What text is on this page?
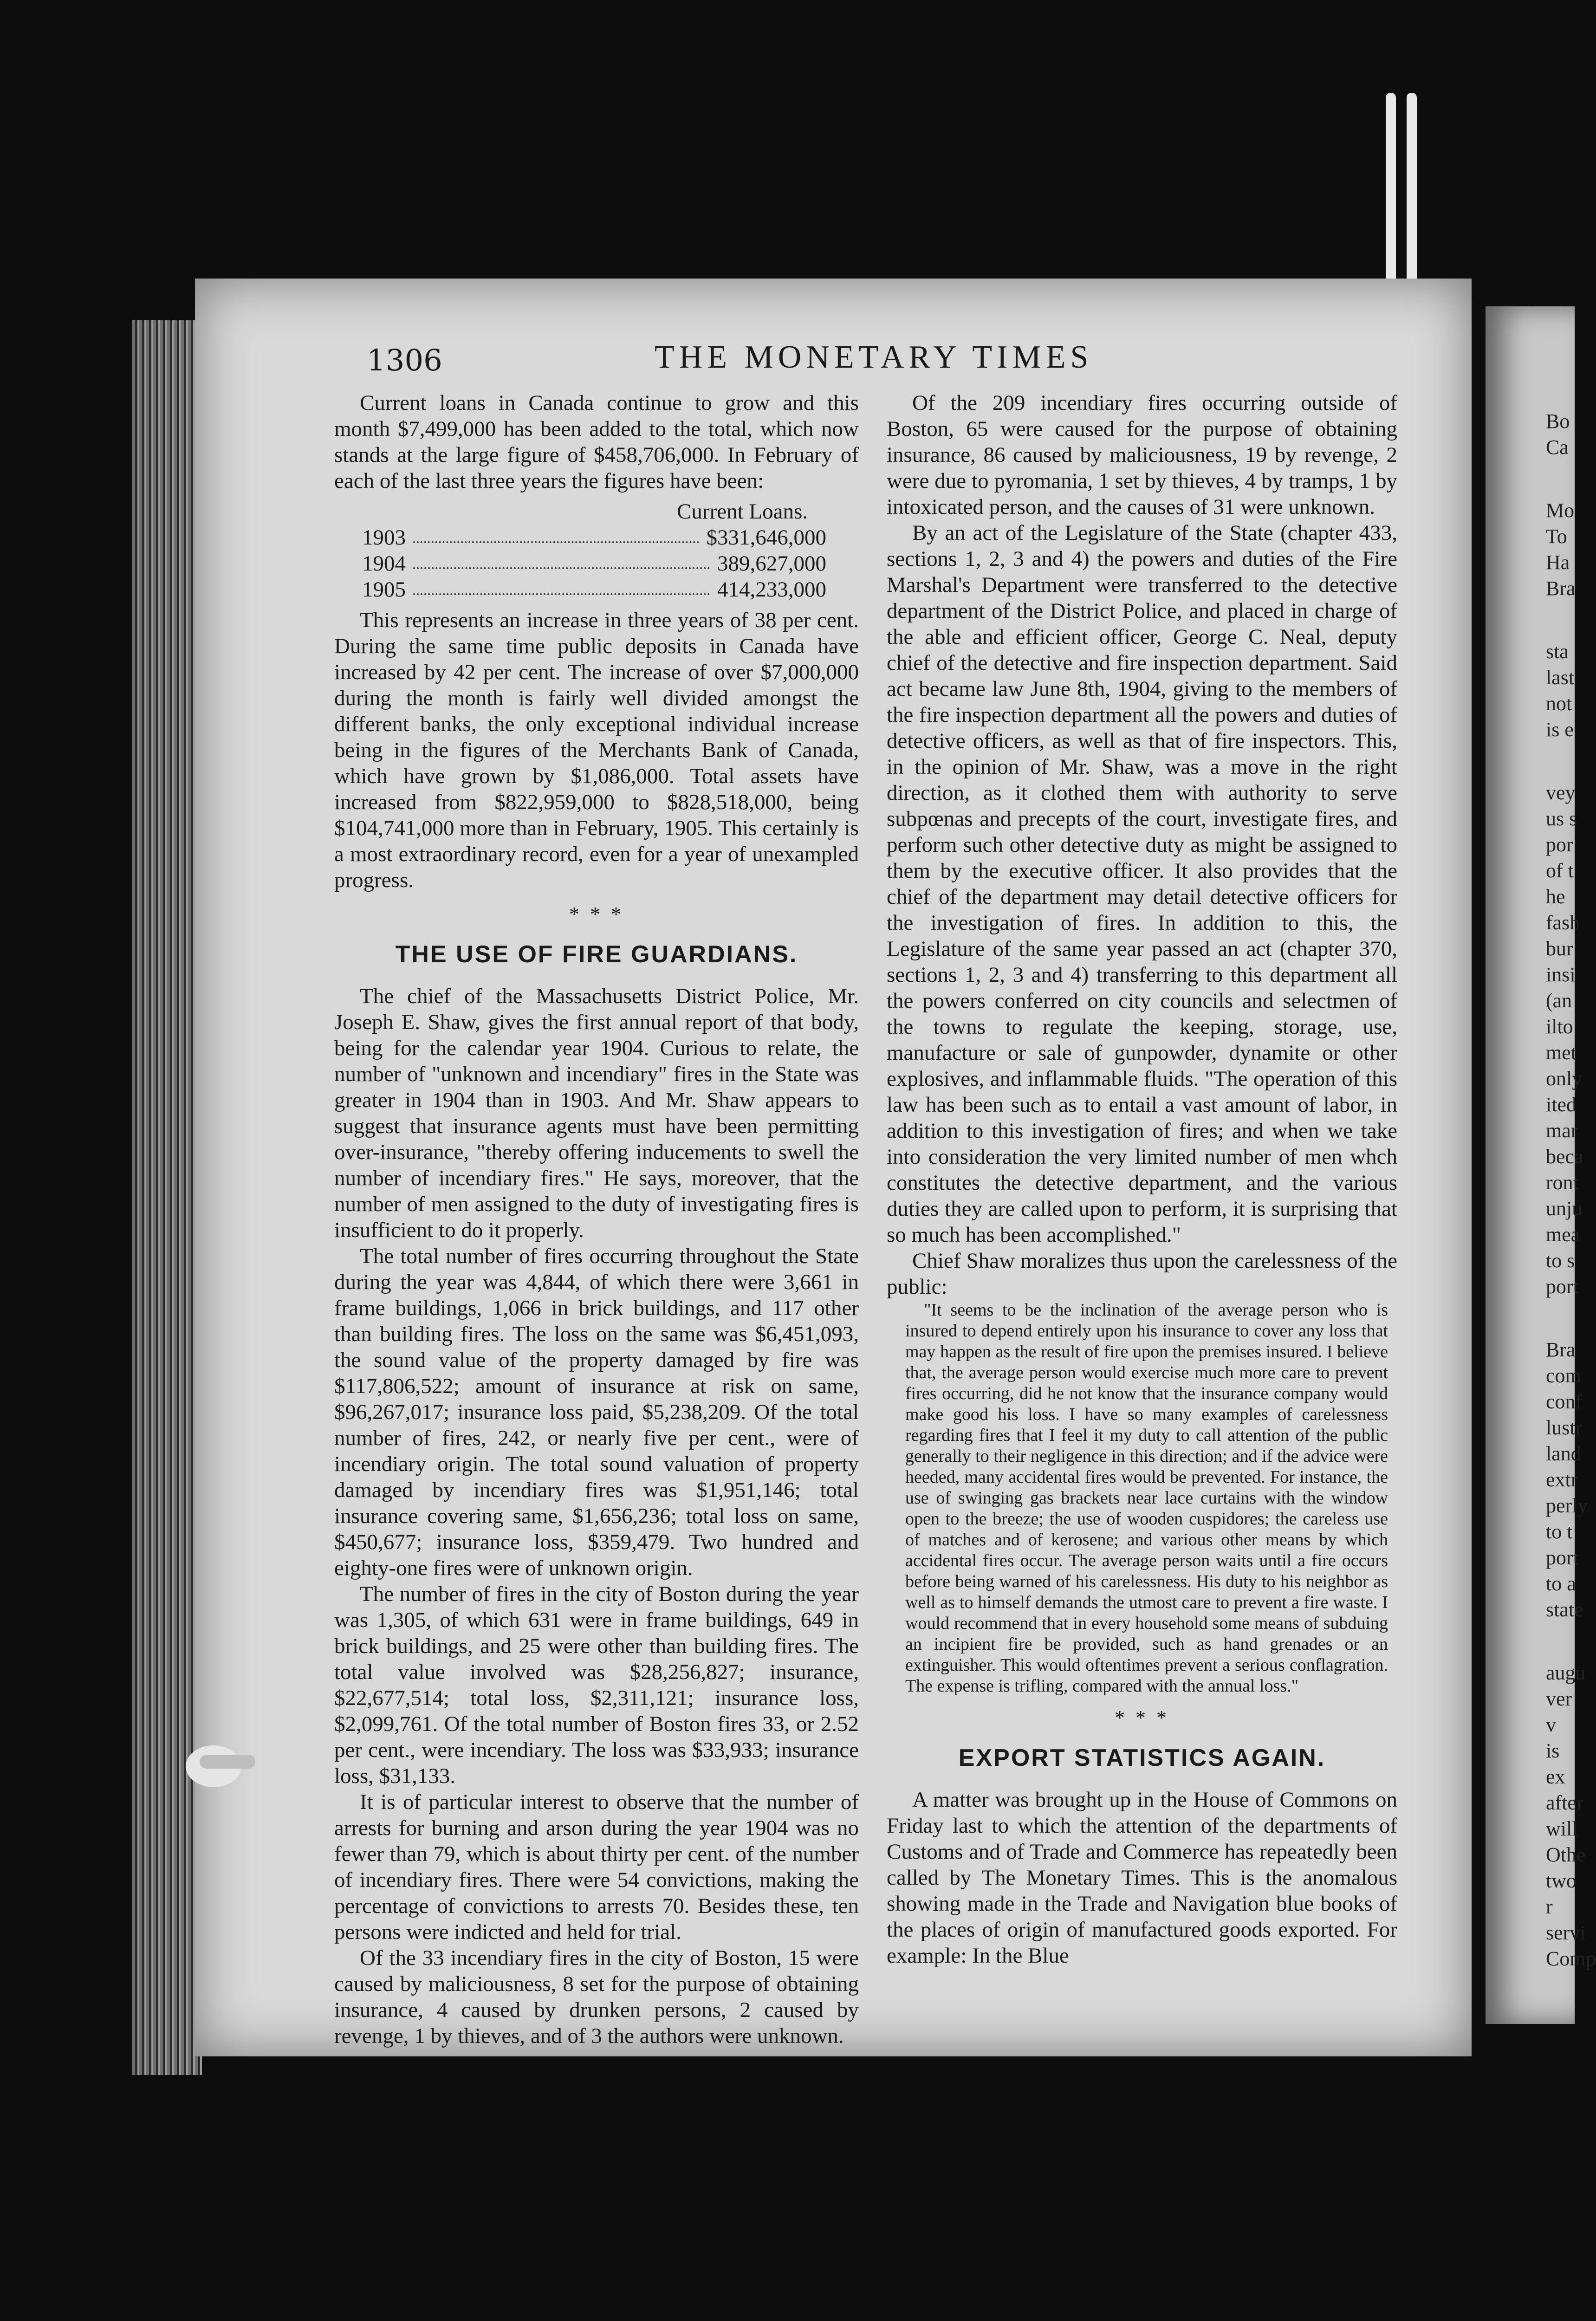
1306	THE MONETARY TIMES

Current loans in Canada continue to grow and this month $7,499,000 has been added to the total, which now stands at the large figure of $458,706,000. In February of each of the last three years the figures have been:

Current Loans.
1903	$331,646,000
1904	389,627,000
1905	414,233,000

This represents an increase in three years of 38 per cent. During the same time public deposits in Canada have increased by 42 per cent. The increase of over $7,000,000 during the month is fairly well divided amongst the different banks, the only exceptional individual increase being in the figures of the Merchants Bank of Canada, which have grown by $1,086,000. Total assets have increased from $822,959,000 to $828,518,000, being $104,741,000 more than in February, 1905. This certainly is a most extraordinary record, even for a year of unexampled progress.

* * *
THE USE OF FIRE GUARDIANS.

The chief of the Massachusetts District Police, Mr. Joseph E. Shaw, gives the first annual report of that body, being for the calendar year 1904. Curious to relate, the number of "unknown and incendiary" fires in the State was greater in 1904 than in 1903. And Mr. Shaw appears to suggest that insurance agents must have been permitting over-insurance, "thereby offering inducements to swell the number of incendiary fires." He says, moreover, that the number of men assigned to the duty of investigating fires is insufficient to do it properly.

The total number of fires occurring throughout the State during the year was 4,844, of which there were 3,661 in frame buildings, 1,066 in brick buildings, and 117 other than building fires. The loss on the same was $6,451,093, the sound value of the property damaged by fire was $117,806,522; amount of insurance at risk on same, $96,267,017; insurance loss paid, $5,238,209. Of the total number of fires, 242, or nearly five per cent., were of incendiary origin. The total sound valuation of property damaged by incendiary fires was $1,951,146; total insurance covering same, $1,656,236; total loss on same, $450,677; insurance loss, $359,479. Two hundred and eighty-one fires were of unknown origin.

The number of fires in the city of Boston during the year was 1,305, of which 631 were in frame buildings, 649 in brick buildings, and 25 were other than building fires. The total value involved was $28,256,827; insurance, $22,677,514; total loss, $2,311,121; insurance loss, $2,099,761. Of the total number of Boston fires 33, or 2.52 per cent., were incendiary. The loss was $33,933; insurance loss, $31,133.

It is of particular interest to observe that the number of arrests for burning and arson during the year 1904 was no fewer than 79, which is about thirty per cent. of the number of incendiary fires. There were 54 convictions, making the percentage of convictions to arrests 70. Besides these, ten persons were indicted and held for trial.

Of the 33 incendiary fires in the city of Boston, 15 were caused by maliciousness, 8 set for the purpose of obtaining insurance, 4 caused by drunken persons, 2 caused by revenge, 1 by thieves, and of 3 the authors were unknown.

Of the 209 incendiary fires occurring outside of Boston, 65 were caused for the purpose of obtaining insurance, 86 caused by maliciousness, 19 by revenge, 2 were due to pyromania, 1 set by thieves, 4 by tramps, 1 by intoxicated person, and the causes of 31 were unknown.

By an act of the Legislature of the State (chapter 433, sections 1, 2, 3 and 4) the powers and duties of the Fire Marshal's Department were transferred to the detective department of the District Police, and placed in charge of the able and efficient officer, George C. Neal, deputy chief of the detective and fire inspection department. Said act became law June 8th, 1904, giving to the members of the fire inspection department all the powers and duties of detective officers, as well as that of fire inspectors. This, in the opinion of Mr. Shaw, was a move in the right direction, as it clothed them with authority to serve subpœnas and precepts of the court, investigate fires, and perform such other detective duty as might be assigned to them by the executive officer. It also provides that the chief of the department may detail detective officers for the investigation of fires. In addition to this, the Legislature of the same year passed an act (chapter 370, sections 1, 2, 3 and 4) transferring to this department all the powers conferred on city councils and selectmen of the towns to regulate the keeping, storage, use, manufacture or sale of gunpowder, dynamite or other explosives, and inflammable fluids. "The operation of this law has been such as to entail a vast amount of labor, in addition to this investigation of fires; and when we take into consideration the very limited number of men whch constitutes the detective department, and the various duties they are called upon to perform, it is surprising that so much has been accomplished."

Chief Shaw moralizes thus upon the carelessness of the public:

"It seems to be the inclination of the average person who is insured to depend entirely upon his insurance to cover any loss that may happen as the result of fire upon the premises insured. I believe that, the average person would exercise much more care to prevent fires occurring, did he not know that the insurance company would make good his loss. I have so many examples of carelessness regarding fires that I feel it my duty to call attention of the public generally to their negligence in this direction; and if the advice were heeded, many accidental fires would be prevented. For instance, the use of swinging gas brackets near lace curtains with the window open to the breeze; the use of wooden cuspidores; the careless use of matches and of kerosene; and various other means by which accidental fires occur. The average person waits until a fire occurs before being warned of his carelessness. His duty to his neighbor as well as to himself demands the utmost care to prevent a fire waste. I would recommend that in every household some means of subduing an incipient fire be provided, such as hand grenades or an extinguisher. This would oftentimes prevent a serious conflagration. The expense is trifling, compared with the annual loss."

* * *
EXPORT STATISTICS AGAIN.

A matter was brought up in the House of Commons on Friday last to which the attention of the departments of Customs and of Trade and Commerce has repeatedly been called by The Monetary Times. This is the anomalous showing made in the Trade and Navigation blue books of the places of origin of manufactured goods exported. For example: In the Blue

Bo
Ca
Mo
To
Ha
Bra
sta
last
not
is e
vey
us s
por
of t
he
fash
bur
insi
(an
ilto
met
only
ited
mar
beca
ront
unju
mea
to s
port
Bra
com
conf
lustr
land
extr
perly
to t
port
to a
state
augu
ver v
is ex
after
will
Othe
two r
servi
Comp
